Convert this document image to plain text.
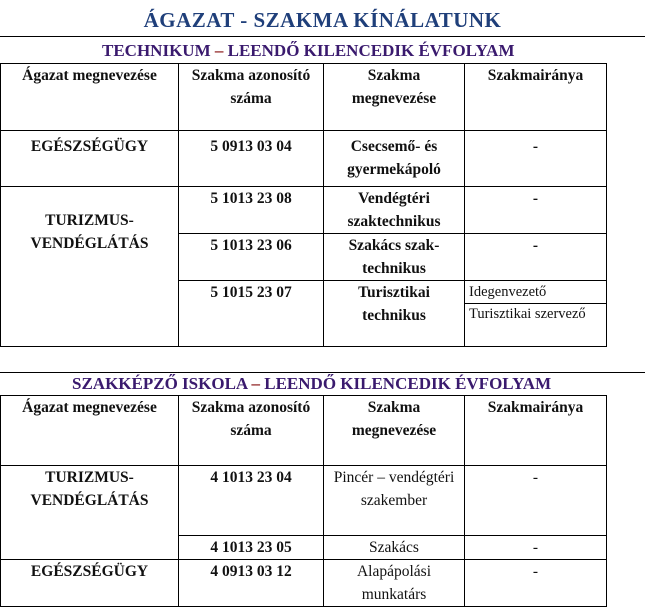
ÁGAZAT - SZAKMA KÍNÁLATUNK
TECHNIKUM – LEENDŐ KILENCEDIK ÉVFOLYAM
Ágazat megnevezése	Szakma azonosító száma	Szakma megnevezése	Szakmairánya
EGÉSZSÉGÜGY	5 0913 03 04	Csecsemő- és gyermekápoló	-
TURIZMUS-VENDÉGLÁTÁS	5 1013 23 08	Vendégtéri szaktechnikus	-
	5 1013 23 06	Szakács szak-technikus	-
	5 1015 23 07	Turisztikai technikus	Idegenvezető
Turisztikai szervező
SZAKKÉPZŐ ISKOLA – LEENDŐ KILENCEDIK ÉVFOLYAM
Ágazat megnevezése	Szakma azonosító száma	Szakma megnevezése	Szakmairánya
TURIZMUS-VENDÉGLÁTÁS	4 1013 23 04	Pincér – vendégtéri szakember	-
	4 1013 23 05	Szakács	-
EGÉSZSÉGÜGY	4 0913 03 12	Alapápolási munkatárs	-
